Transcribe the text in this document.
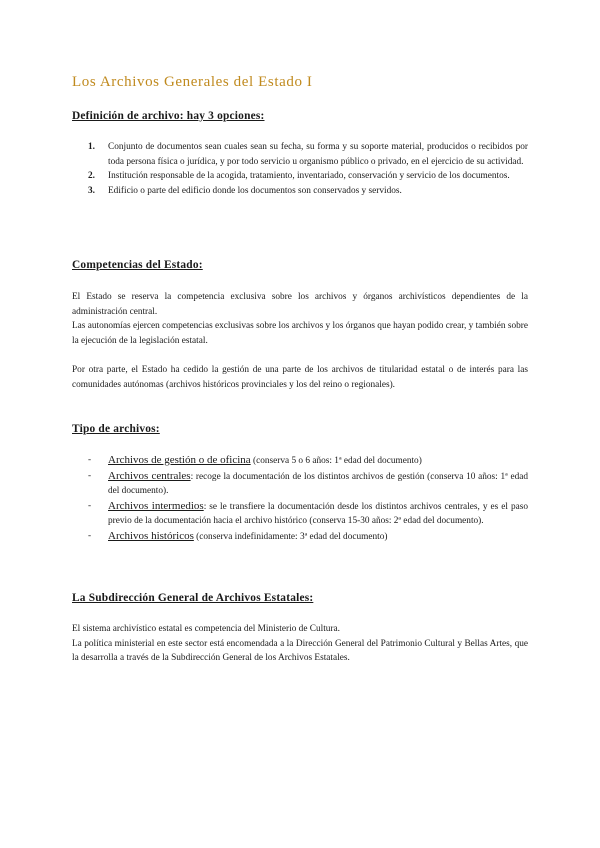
Los Archivos Generales del Estado I
Definición de archivo: hay 3 opciones:
1. Conjunto de documentos sean cuales sean su fecha, su forma y su soporte material, producidos o recibidos por toda persona física o jurídica, y por todo servicio u organismo público o privado, en el ejercicio de su actividad.
2. Institución responsable de la acogida, tratamiento, inventariado, conservación y servicio de los documentos.
3. Edificio o parte del edificio donde los documentos son conservados y servidos.
Competencias del Estado:

El Estado se reserva la competencia exclusiva sobre los archivos y órganos archivísticos dependientes de la administración central.

Las autonomías ejercen competencias exclusivas sobre los archivos y los órganos que hayan podido crear, y también sobre la ejecución de la legislación estatal.

Por otra parte, el Estado ha cedido la gestión de una parte de los archivos de titularidad estatal o de interés para las comunidades autónomas (archivos históricos provinciales y los del reino o regionales).

Tipo de archivos:
- Archivos de gestión o de oficina (conserva 5 o 6 años: 1ª edad del documento)
- Archivos centrales: recoge la documentación de los distintos archivos de gestión (conserva 10 años: 1ª edad del documento).
- Archivos intermedios: se le transfiere la documentación desde los distintos archivos centrales, y es el paso previo de la documentación hacia el archivo histórico (conserva 15-30 años: 2ª edad del documento).
- Archivos históricos (conserva indefinidamente: 3ª edad del documento)
La Subdirección General de Archivos Estatales:

El sistema archivístico estatal es competencia del Ministerio de Cultura.

La política ministerial en este sector está encomendada a la Dirección General del Patrimonio Cultural y Bellas Artes, que la desarrolla a través de la Subdirección General de los Archivos Estatales.
